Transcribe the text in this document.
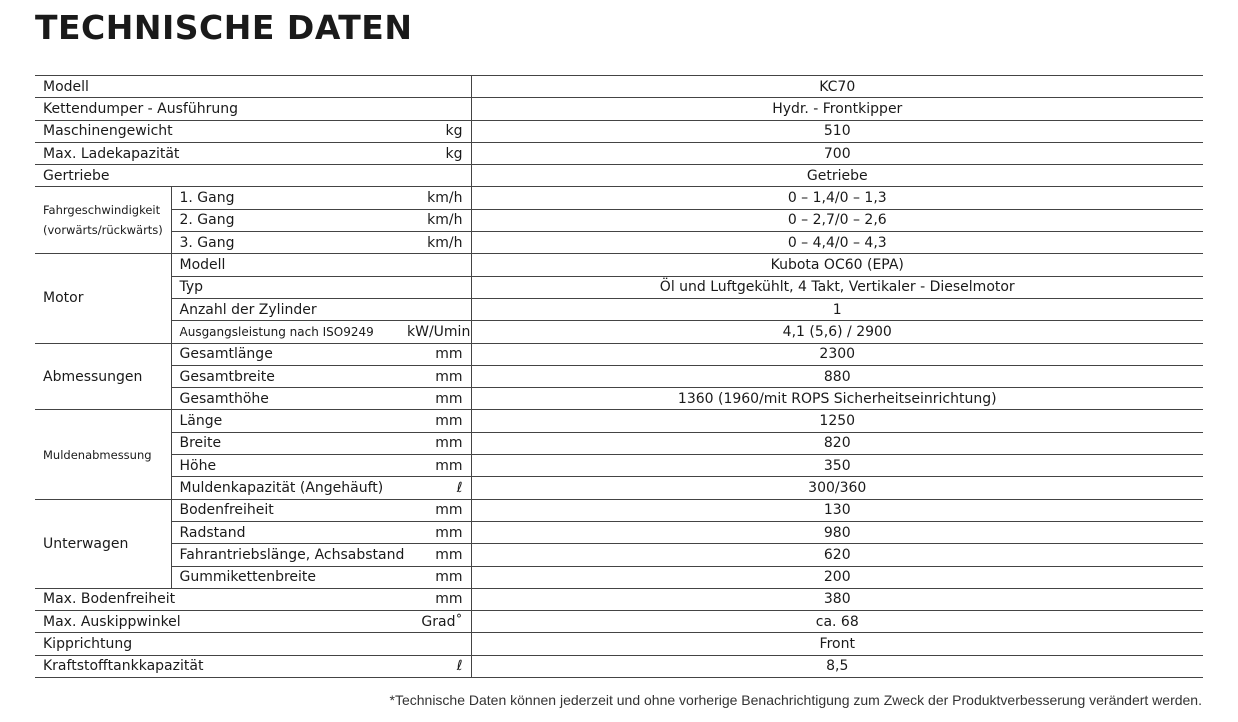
TECHNISCHE DATEN
Modell			KC70
Kettendumper - Ausführung			Hydr. - Frontkipper
Maschinengewicht		kg	510
Max. Ladekapazität		kg	700
Gertriebe			Getriebe
Fahrgeschwindigkeit
(vorwärts/rückwärts)	1. Gang	km/h	0 – 1,4/0 – 1,3
	2. Gang	km/h	0 – 2,7/0 – 2,6
	3. Gang	km/h	0 – 4,4/0 – 4,3
Motor	Modell		Kubota OC60 (EPA)
	Typ		Öl und Luftgekühlt, 4 Takt, Vertikaler - Dieselmotor
	Anzahl der Zylinder		1
	Ausgangsleistung nach ISO9249	kW/Umin	4,1 (5,6) / 2900
Abmessungen	Gesamtlänge	mm	2300
	Gesamtbreite	mm	880
	Gesamthöhe	mm	1360 (1960/mit ROPS Sicherheitseinrichtung)
Muldenabmessung	Länge	mm	1250
	Breite	mm	820
	Höhe	mm	350
	Muldenkapazität (Angehäuft)	ℓ	300/360
Unterwagen	Bodenfreiheit	mm	130
	Radstand	mm	980
	Fahrantriebslänge, Achsabstand	mm	620
	Gummikettenbreite	mm	200
Max. Bodenfreiheit		mm	380
Max. Auskippwinkel		Grad˚	ca. 68
Kipprichtung			Front
Kraftstofftankkapazität		ℓ	8,5
*Technische Daten können jederzeit und ohne vorherige Benachrichtigung zum Zweck der Produktverbesserung verändert werden.
